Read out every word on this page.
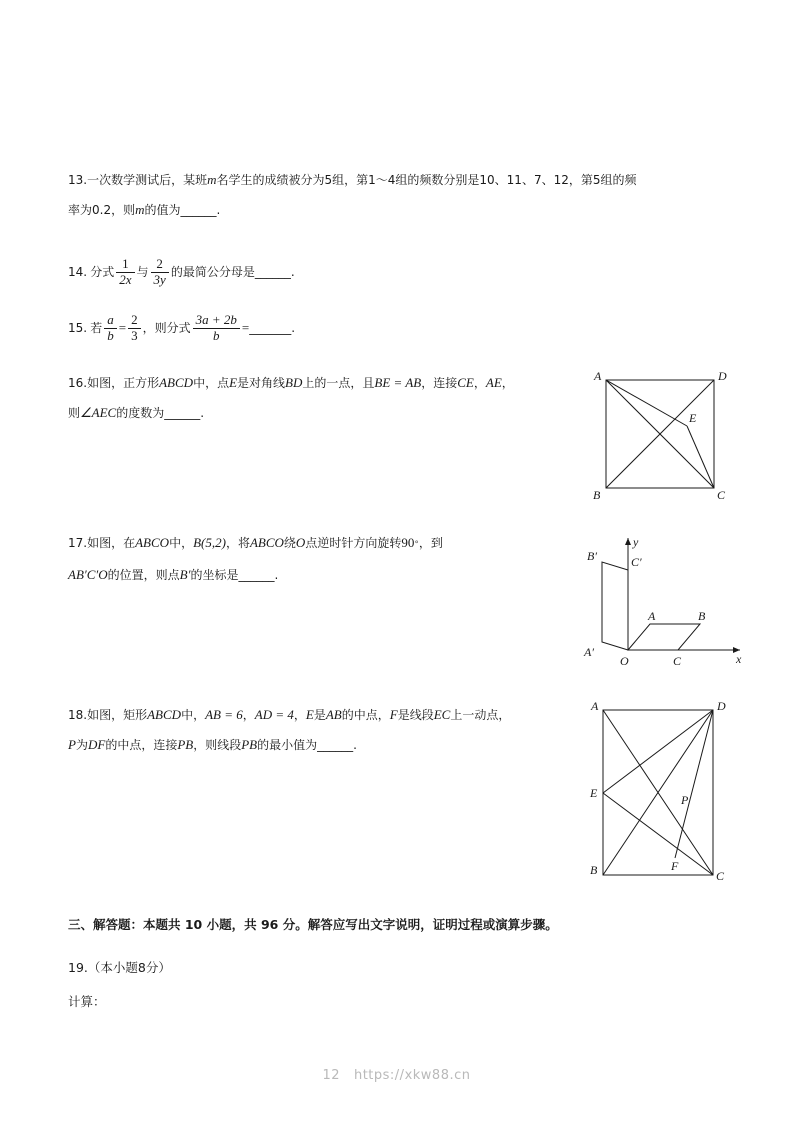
13.一次数学测试后，某班m名学生的成绩被分为5组，第1～4组的频数分别是10、11、7、12，第5组的频
率为0.2，则m的值为______.
14. 分式 $\frac{1}{2x}$ 与 $\frac{2}{3y}$ 的最简公分母是______.
15. 若 $\frac{a}{b} = \frac{2}{3}$ ，则分式 $\frac{3a + 2b}{b}$ =_______.
16.如图，正方形ABCD中，点E是对角线BD上的一点，且BE = AB，连接CE，AE，
则∠AEC的度数为______.
A	D
E
B	C
17.如图，在ABCO中，B(5,2)，将ABCO绕O点逆时针方向旋转90°，到
AB′C′O的位置，则点B′的坐标是______.
y
B′	C′
A	B
A′
O	C	x
18.如图，矩形ABCD中，AB = 6，AD = 4，E是AB的中点，F是线段EC上一动点，
P为DF的中点，连接PB，则线段PB的最小值为______.
A	D
E	P
B	F
C
三、解答题：本题共 10 小题，共 96 分。解答应写出文字说明，证明过程或演算步骤。
19.（本小题8分）
计算：
12 https://xkw88.cn
